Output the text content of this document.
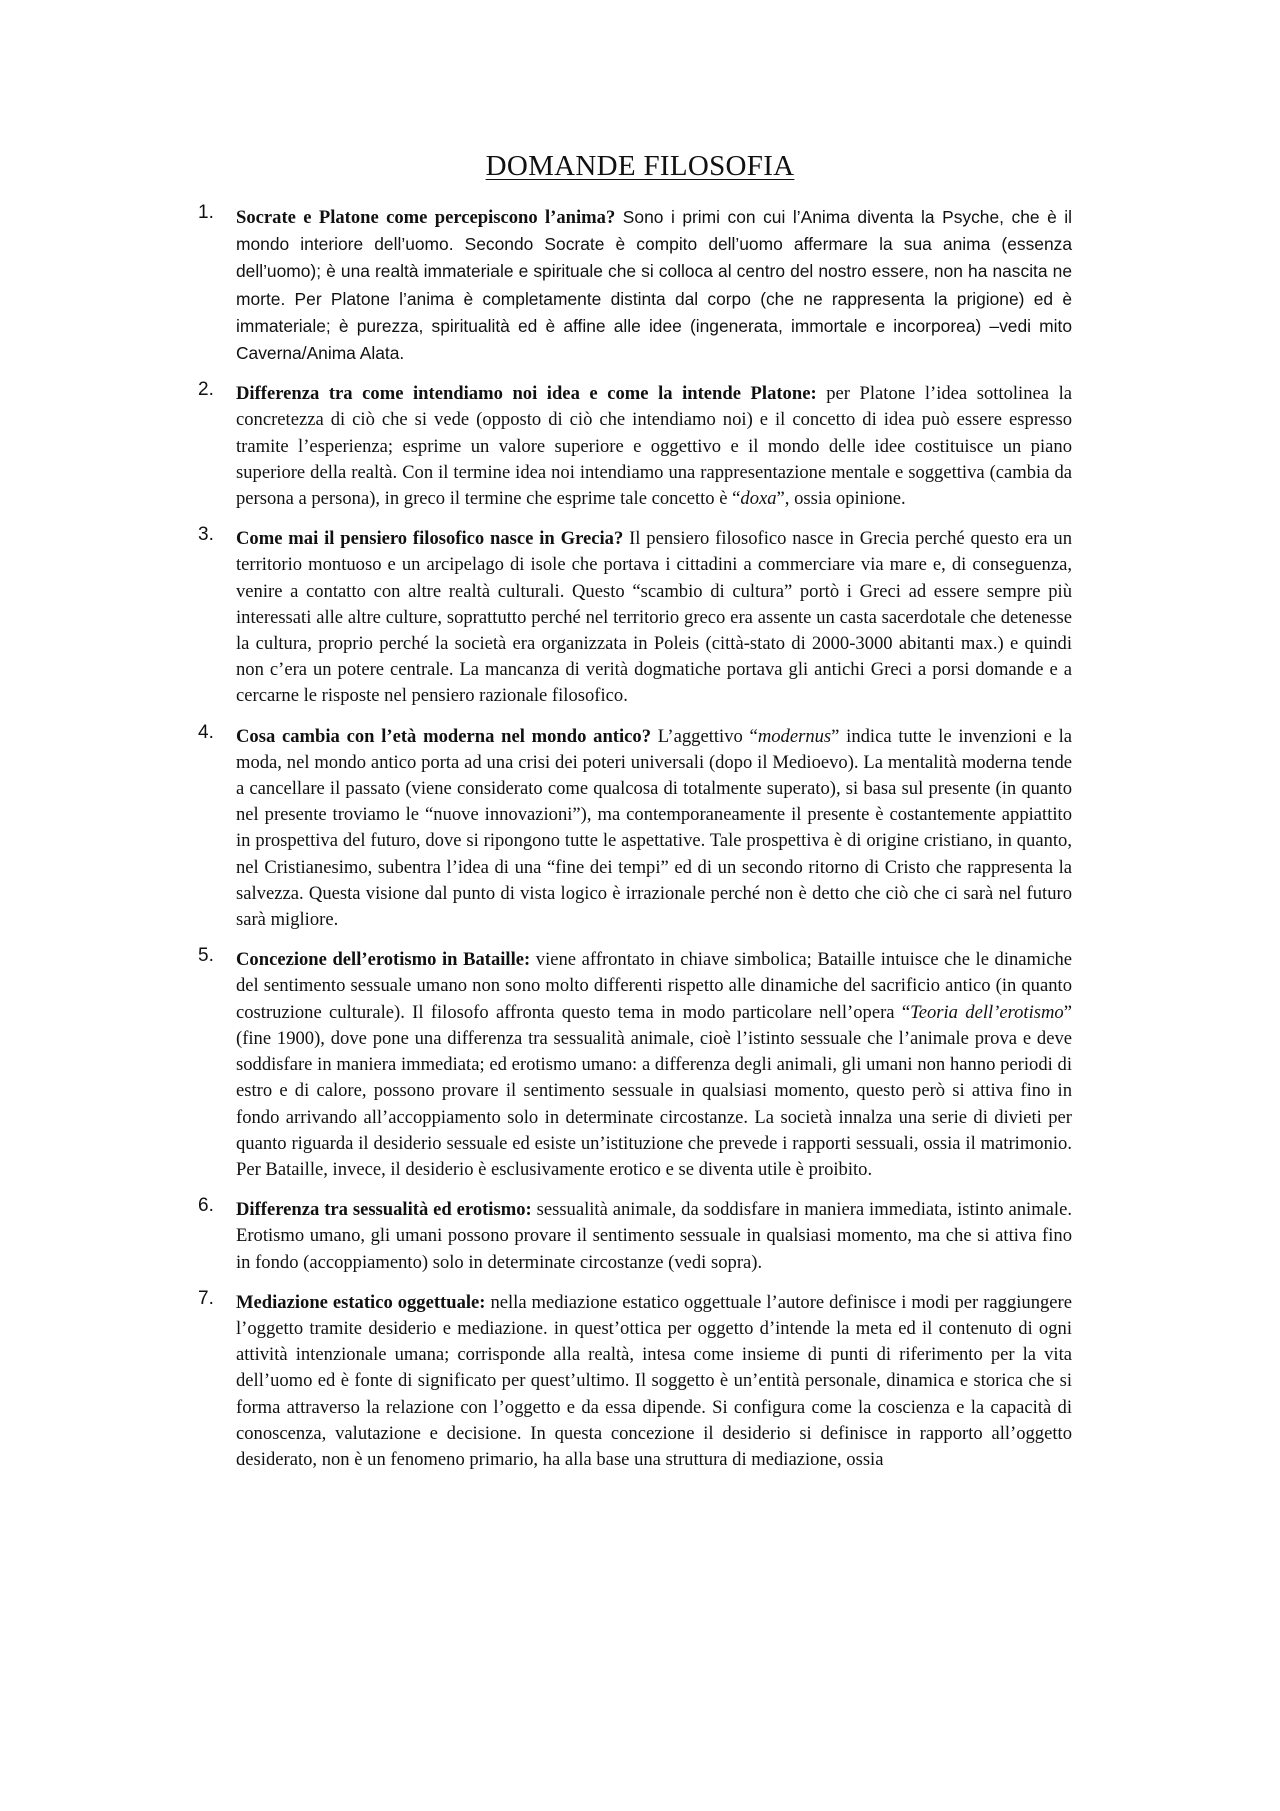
DOMANDE FILOSOFIA
1. Socrate e Platone come percepiscono l’anima? Sono i primi con cui l’Anima diventa la Psyche, che è il mondo interiore dell’uomo. Secondo Socrate è compito dell’uomo affermare la sua anima (essenza dell’uomo); è una realtà immateriale e spirituale che si colloca al centro del nostro essere, non ha nascita ne morte. Per Platone l’anima è completamente distinta dal corpo (che ne rappresenta la prigione) ed è immateriale; è purezza, spiritualità ed è affine alle idee (ingenerata, immortale e incorporea) –vedi mito Caverna/Anima Alata.

2. Differenza tra come intendiamo noi idea e come la intende Platone: per Platone l’idea sottolinea la concretezza di ciò che si vede (opposto di ciò che intendiamo noi) e il concetto di idea può essere espresso tramite l’esperienza; esprime un valore superiore e oggettivo e il mondo delle idee costituisce un piano superiore della realtà. Con il termine idea noi intendiamo una rappresentazione mentale e soggettiva (cambia da persona a persona), in greco il termine che esprime tale concetto è “doxa”, ossia opinione.

3. Come mai il pensiero filosofico nasce in Grecia? Il pensiero filosofico nasce in Grecia perché questo era un territorio montuoso e un arcipelago di isole che portava i cittadini a commerciare via mare e, di conseguenza, venire a contatto con altre realtà culturali. Questo “scambio di cultura” portò i Greci ad essere sempre più interessati alle altre culture, soprattutto perché nel territorio greco era assente un casta sacerdotale che detenesse la cultura, proprio perché la società era organizzata in Poleis (città-stato di 2000-3000 abitanti max.) e quindi non c’era un potere centrale. La mancanza di verità dogmatiche portava gli antichi Greci a porsi domande e a cercarne le risposte nel pensiero razionale filosofico.

4. Cosa cambia con l’età moderna nel mondo antico? L’aggettivo “modernus” indica tutte le invenzioni e la moda, nel mondo antico porta ad una crisi dei poteri universali (dopo il Medioevo). La mentalità moderna tende a cancellare il passato (viene considerato come qualcosa di totalmente superato), si basa sul presente (in quanto nel presente troviamo le “nuove innovazioni”), ma contemporaneamente il presente è costantemente appiattito in prospettiva del futuro, dove si ripongono tutte le aspettative. Tale prospettiva è di origine cristiano, in quanto, nel Cristianesimo, subentra l’idea di una “fine dei tempi” ed di un secondo ritorno di Cristo che rappresenta la salvezza. Questa visione dal punto di vista logico è irrazionale perché non è detto che ciò che ci sarà nel futuro sarà migliore.

5. Concezione dell’erotismo in Bataille: viene affrontato in chiave simbolica; Bataille intuisce che le dinamiche del sentimento sessuale umano non sono molto differenti rispetto alle dinamiche del sacrificio antico (in quanto costruzione culturale). Il filosofo affronta questo tema in modo particolare nell’opera “Teoria dell’erotismo” (fine 1900), dove pone una differenza tra sessualità animale, cioè l’istinto sessuale che l’animale prova e deve soddisfare in maniera immediata; ed erotismo umano: a differenza degli animali, gli umani non hanno periodi di estro e di calore, possono provare il sentimento sessuale in qualsiasi momento, questo però si attiva fino in fondo arrivando all’accoppiamento solo in determinate circostanze. La società innalza una serie di divieti per quanto riguarda il desiderio sessuale ed esiste un’istituzione che prevede i rapporti sessuali, ossia il matrimonio. Per Bataille, invece, il desiderio è esclusivamente erotico e se diventa utile è proibito.

6. Differenza tra sessualità ed erotismo: sessualità animale, da soddisfare in maniera immediata, istinto animale. Erotismo umano, gli umani possono provare il sentimento sessuale in qualsiasi momento, ma che si attiva fino in fondo (accoppiamento) solo in determinate circostanze (vedi sopra).

7. Mediazione estatico oggettuale: nella mediazione estatico oggettuale l’autore definisce i modi per raggiungere l’oggetto tramite desiderio e mediazione. in quest’ottica per oggetto d’intende la meta ed il contenuto di ogni attività intenzionale umana; corrisponde alla realtà, intesa come insieme di punti di riferimento per la vita dell’uomo ed è fonte di significato per quest’ultimo. Il soggetto è un’entità personale, dinamica e storica che si forma attraverso la relazione con l’oggetto e da essa dipende. Si configura come la coscienza e la capacità di conoscenza, valutazione e decisione. In questa concezione il desiderio si definisce in rapporto all’oggetto desiderato, non è un fenomeno primario, ha alla base una struttura di mediazione, ossia
